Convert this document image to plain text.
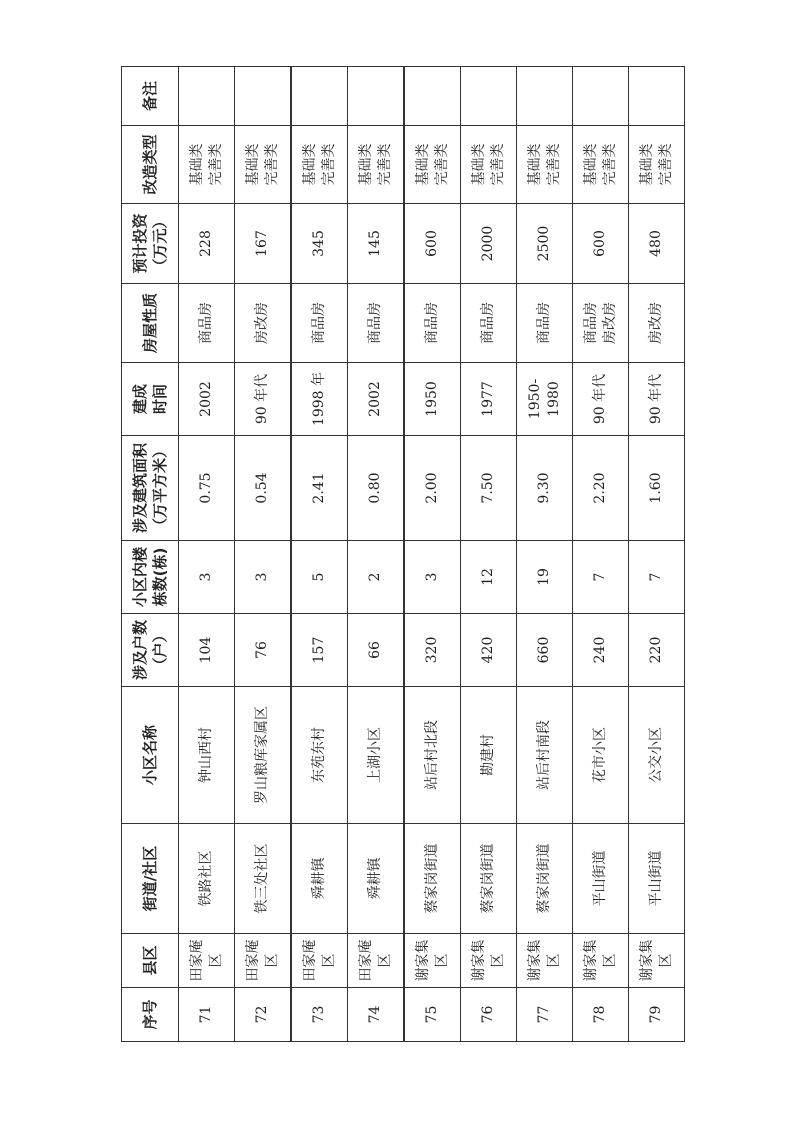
序号	县区	街道/社区	小区名称	涉及户数 （户）	小区内楼 栋数(栋)	涉及建筑面积 （万平方米）	建成 时间	房屋性质	预计投资 （万元）	改造类型	备注
71	田家庵区	铁路社区	钟山西村	104	3	0.75	2002	商品房	228	基础类 完善类	

72	田家庵区	铁三处社区	罗山粮库家属区	76	3	0.54	90 年代	房改房	167	基础类 完善类	

73	田家庵区	舜耕镇	东苑东村	157	5	2.41	1998 年	商品房	345	基础类 完善类	

74	田家庵区	舜耕镇	上湖小区	66	2	0.80	2002	商品房	145	基础类 完善类	

75	谢家集区	蔡家岗街道	站后村北段	320	3	2.00	1950	商品房	600	基础类 完善类	

76	谢家集区	蔡家岗街道	勘建村	420	12	7.50	1977	商品房	2000	基础类 完善类	

77	谢家集区	蔡家岗街道	站后村南段	660	19	9.30	1950-1980	商品房	2500	基础类 完善类	

78	谢家集区	平山街道	花市小区	240	7	2.20	90 年代	商品房 房改房	600	基础类 完善类	

79	谢家集区	平山街道	公交小区	220	7	1.60	90 年代	房改房	480	基础类 完善类	
